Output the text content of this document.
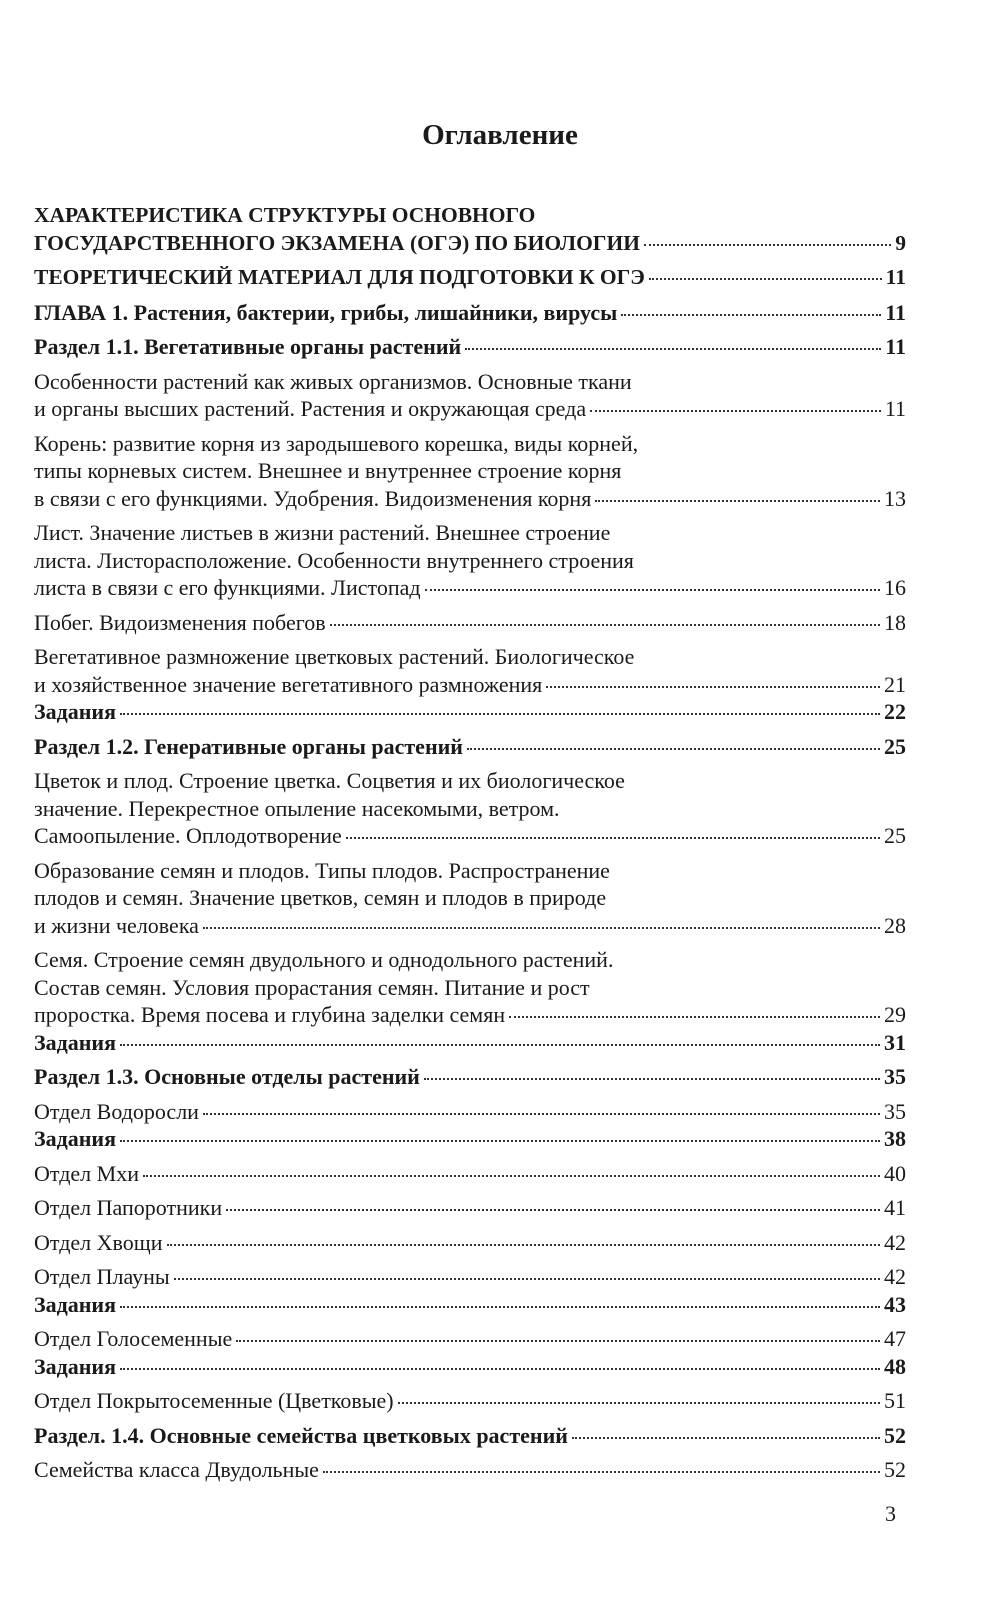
Оглавление
ХАРАКТЕРИСТИКА СТРУКТУРЫ ОСНОВНОГО
ГОСУДАРСТВЕННОГО ЭКЗАМЕНА (ОГЭ) ПО БИОЛОГИИ	9
ТЕОРЕТИЧЕСКИЙ МАТЕРИАЛ ДЛЯ ПОДГОТОВКИ К ОГЭ	11
ГЛАВА 1. Растения, бактерии, грибы, лишайники, вирусы	11
Раздел 1.1. Вегетативные органы растений	11
Особенности растений как живых организмов. Основные ткани
и органы высших растений. Растения и окружающая среда	11
Корень: развитие корня из зародышевого корешка, виды корней,
типы корневых систем. Внешнее и внутреннее строение корня
в связи с его функциями. Удобрения. Видоизменения корня	13
Лист. Значение листьев в жизни растений. Внешнее строение
листа. Листорасположение. Особенности внутреннего строения
листа в связи с его функциями. Листопад	16
Побег. Видоизменения побегов	18
Вегетативное размножение цветковых растений. Биологическое
и хозяйственное значение вегетативного размножения	21
Задания	22
Раздел 1.2. Генеративные органы растений	25
Цветок и плод. Строение цветка. Соцветия и их биологическое
значение. Перекрестное опыление насекомыми, ветром.
Самоопыление. Оплодотворение	25
Образование семян и плодов. Типы плодов. Распространение
плодов и семян. Значение цветков, семян и плодов в природе
и жизни человека	28
Семя. Строение семян двудольного и однодольного растений.
Состав семян. Условия прорастания семян. Питание и рост
проростка. Время посева и глубина заделки семян	29
Задания	31
Раздел 1.3. Основные отделы растений	35
Отдел Водоросли	35
Задания	38
Отдел Мхи	40
Отдел Папоротники	41
Отдел Хвощи	42
Отдел Плауны	42
Задания	43
Отдел Голосеменные	47
Задания	48
Отдел Покрытосеменные (Цветковые)	51
Раздел. 1.4. Основные семейства цветковых растений	52
Семейства класса Двудольные	52
3
